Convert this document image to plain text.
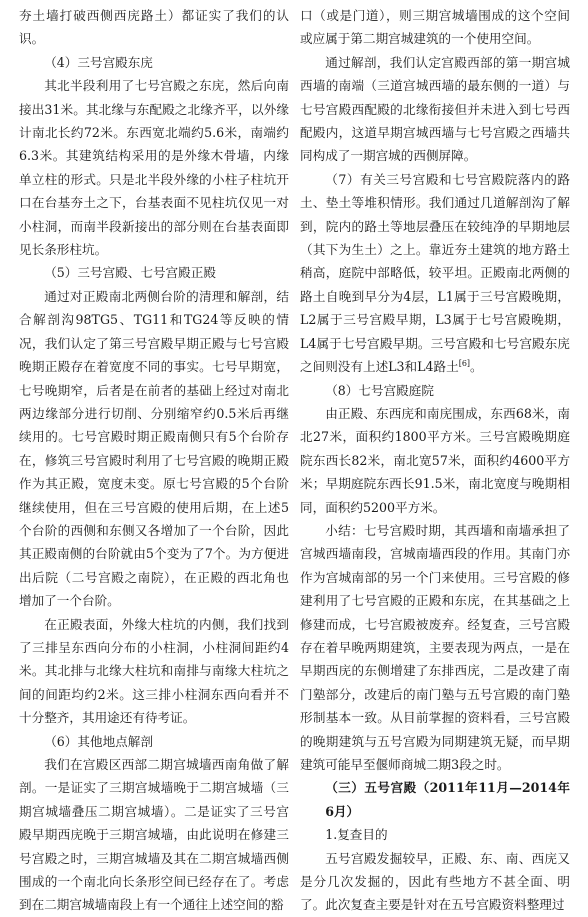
夯土墙打破西侧西庑路土）都证实了我们的认识。

（4）三号宫殿东庑

其北半段利用了七号宫殿之东庑，然后向南接出31米。其北缘与东配殿之北缘齐平，以外缘计南北长约72米。东西宽北端约5.6米，南端约6.3米。其建筑结构采用的是外缘木骨墙，内缘单立柱的形式。只是北半段外缘的小柱子柱坑开口在台基夯土之下，台基表面不见柱坑仅见一对小柱洞，而南半段新接出的部分则在台基表面即见长条形柱坑。

（5）三号宫殿、七号宫殿正殿

通过对正殿南北两侧台阶的清理和解剖，结合解剖沟98TG5、TG11和TG24等反映的情况，我们认定了第三号宫殿早期正殿与七号宫殿晚期正殿存在着宽度不同的事实。七号早期宽，七号晚期窄，后者是在前者的基础上经过对南北两边缘部分进行切削、分别缩窄约0.5米后再继续用的。七号宫殿时期正殿南侧只有5个台阶存在，修筑三号宫殿时利用了七号宫殿的晚期正殿作为其正殿，宽度未变。原七号宫殿的5个台阶继续使用，但在三号宫殿的使用后期，在上述5个台阶的西侧和东侧又各增加了一个台阶，因此其正殿南侧的台阶就由5个变为了7个。为方便进出后院（二号宫殿之南院），在正殿的西北角也增加了一个台阶。

在正殿表面，外缘大柱坑的内侧，我们找到了三排呈东西向分布的小柱洞，小柱洞间距约4米。其北排与北缘大柱坑和南排与南缘大柱坑之间的间距均约2米。这三排小柱洞东西向看并不十分整齐，其用途还有待考证。

（6）其他地点解剖

我们在宫殿区西部二期宫城墙西南角做了解剖。一是证实了三期宫城墙晚于二期宫城墙（三期宫城墙叠压二期宫城墙）。二是证实了三号宫殿早期西庑晚于三期宫城墙，由此说明在修建三号宫殿之时，三期宫城墙及其在二期宫城墙西侧围成的一个南北向长条形空间已经存在了。考虑到在二期宫城墙南段上有一个通往上述空间的豁

口（或是门道），则三期宫城墙围成的这个空间或应属于第二期宫城建筑的一个使用空间。

通过解剖，我们认定宫殿西部的第一期宫城西墙的南端（三道宫城西墙的最东侧的一道）与七号宫殿西配殿的北缘衔接但并未进入到七号西配殿内，这道早期宫城西墙与七号宫殿之西墙共同构成了一期宫城的西侧屏障。

（7）有关三号宫殿和七号宫殿院落内的路土、垫土等堆积情形。我们通过几道解剖沟了解到，院内的路土等地层叠压在较纯净的早期地层（其下为生土）之上。靠近夯土建筑的地方路土稍高，庭院中部略低，较平坦。正殿南北两侧的路土自晚到早分为4层，L1属于三号宫殿晚期，L2属于三号宫殿早期，L3属于七号宫殿晚期，L4属于七号宫殿早期。三号宫殿和七号宫殿东庑之间则没有上述L3和L4路土[6]。

（8）七号宫殿庭院

由正殿、东西庑和南庑围成，东西68米，南北27米，面积约1800平方米。三号宫殿晚期庭院东西长82米，南北宽57米，面积约4600平方米；早期庭院东西长91.5米，南北宽度与晚期相同，面积约5200平方米。

小结：七号宫殿时期，其西墙和南墙承担了宫城西墙南段，宫城南墙西段的作用。其南门亦作为宫城南部的另一个门来使用。三号宫殿的修建利用了七号宫殿的正殿和东庑，在其基础之上修建而成，七号宫殿被废弃。经复查，三号宫殿存在着早晚两期建筑，主要表现为两点，一是在早期西庑的东侧增建了东排西庑，二是改建了南门塾部分，改建后的南门塾与五号宫殿的南门塾形制基本一致。从目前掌握的资料看，三号宫殿的晚期建筑与五号宫殿为同期建筑无疑，而早期建筑可能早至偃师商城二期3段之时。

（三）五号宫殿（2011年11月—2014年6月）

1.复查目的

五号宫殿发掘较早，正殿、东、南、西庑又是分几次发掘的，因此有些地方不甚全面、明了。此次复查主要是针对在五号宫殿资料整理过
